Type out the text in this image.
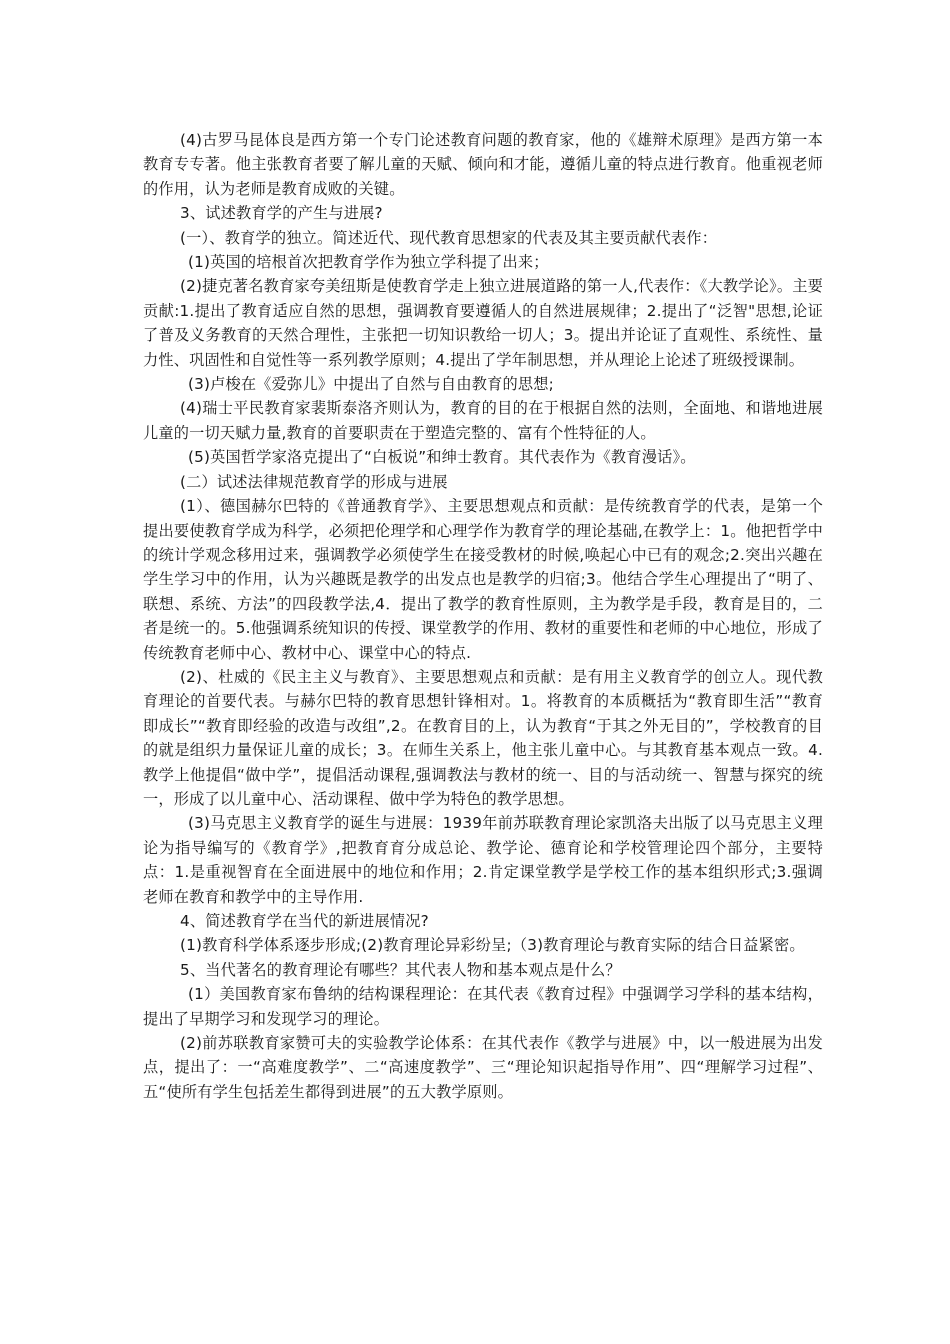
(4)古罗马昆体良是西方第一个专门论述教育问题的教育家，他的《雄辩术原理》是西方第一本教育专专著。他主张教育者要了解儿童的天赋、倾向和才能，遵循儿童的特点进行教育。他重视老师的作用，认为老师是教育成败的关键。

3、试述教育学的产生与进展?

(一）、教育学的独立。简述近代、现代教育思想家的代表及其主要贡献代表作：

(1)英国的培根首次把教育学作为独立学科提了出来；

(2)捷克著名教育家夸美纽斯是使教育学走上独立进展道路的第一人,代表作：《大教学论》。主要贡献:1.提出了教育适应自然的思想，强调教育要遵循人的自然进展规律；2.提出了“泛智"思想,论证了普及义务教育的天然合理性，主张把一切知识教给一切人；3。提出并论证了直观性、系统性、量力性、巩固性和自觉性等一系列教学原则；4.提出了学年制思想，并从理论上论述了班级授课制。

(3)卢梭在《爱弥儿》中提出了自然与自由教育的思想;

(4)瑞士平民教育家裴斯泰洛齐则认为，教育的目的在于根据自然的法则，全面地、和谐地进展儿童的一切天赋力量,教育的首要职责在于塑造完整的、富有个性特征的人。

(5)英国哲学家洛克提出了“白板说”和绅士教育。其代表作为《教育漫话》。

(二）试述法律规范教育学的形成与进展

(1）、德国赫尔巴特的《普通教育学》、主要思想观点和贡献：是传统教育学的代表，是第一个提出要使教育学成为科学，必须把伦理学和心理学作为教育学的理论基础,在教学上：1。他把哲学中的统计学观念移用过来，强调教学必须使学生在接受教材的时候,唤起心中已有的观念;2.突出兴趣在学生学习中的作用，认为兴趣既是教学的出发点也是教学的归宿;3。他结合学生心理提出了“明了、联想、系统、方法”的四段教学法,4．提出了教学的教育性原则，主为教学是手段，教育是目的，二者是统一的。5.他强调系统知识的传授、课堂教学的作用、教材的重要性和老师的中心地位，形成了传统教育老师中心、教材中心、课堂中心的特点.

(2)、杜威的《民主主义与教育》、主要思想观点和贡献：是有用主义教育学的创立人。现代教育理论的首要代表。与赫尔巴特的教育思想针锋相对。1。将教育的本质概括为“教育即生活”“教育即成长”“教育即经验的改造与改组”,2。在教育目的上，认为教育“于其之外无目的”，学校教育的目的就是组织力量保证儿童的成长；3。在师生关系上，他主张儿童中心。与其教育基本观点一致。4.教学上他提倡“做中学”，提倡活动课程,强调教法与教材的统一、目的与活动统一、智慧与探究的统一，形成了以儿童中心、活动课程、做中学为特色的教学思想。

(3)马克思主义教育学的诞生与进展：1939年前苏联教育理论家凯洛夫出版了以马克思主义理论为指导编写的《教育学》,把教育育分成总论、教学论、德育论和学校管理论四个部分，主要特点：1.是重视智育在全面进展中的地位和作用；2.肯定课堂教学是学校工作的基本组织形式;3.强调老师在教育和教学中的主导作用.

4、简述教育学在当代的新进展情况?

(1)教育科学体系逐步形成;(2)教育理论异彩纷呈;（3)教育理论与教育实际的结合日益紧密。

5、当代著名的教育理论有哪些？其代表人物和基本观点是什么？

(1）美国教育家布鲁纳的结构课程理论：在其代表《教育过程》中强调学习学科的基本结构，提出了早期学习和发现学习的理论。

(2)前苏联教育家赞可夫的实验教学论体系：在其代表作《教学与进展》中，以一般进展为出发点，提出了：一“高难度教学”、二“高速度教学”、三“理论知识起指导作用”、四“理解学习过程”、五“使所有学生包括差生都得到进展”的五大教学原则。
